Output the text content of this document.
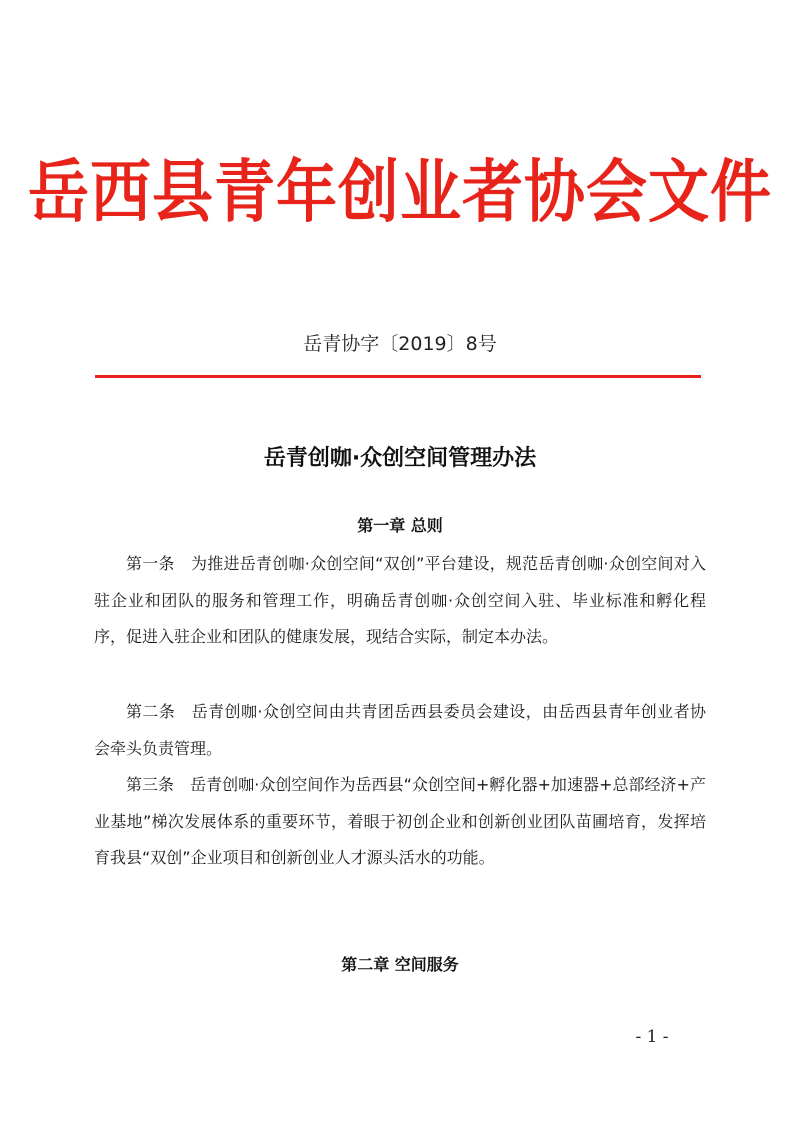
岳西县青年创业者协会文件
岳青协字〔2019〕8号
岳青创咖·众创空间管理办法
第一章 总则

第一条　为推进岳青创咖·众创空间“双创”平台建设，规范岳青创咖·众创空间对入驻企业和团队的服务和管理工作，明确岳青创咖·众创空间入驻、毕业标准和孵化程序，促进入驻企业和团队的健康发展，现结合实际，制定本办法。

第二条　岳青创咖·众创空间由共青团岳西县委员会建设，由岳西县青年创业者协会牵头负责管理。

第三条　岳青创咖·众创空间作为岳西县“众创空间+孵化器+加速器+总部经济+产业基地”梯次发展体系的重要环节，着眼于初创企业和创新创业团队苗圃培育，发挥培育我县“双创”企业项目和创新创业人才源头活水的功能。

第二章 空间服务
- 1 -
